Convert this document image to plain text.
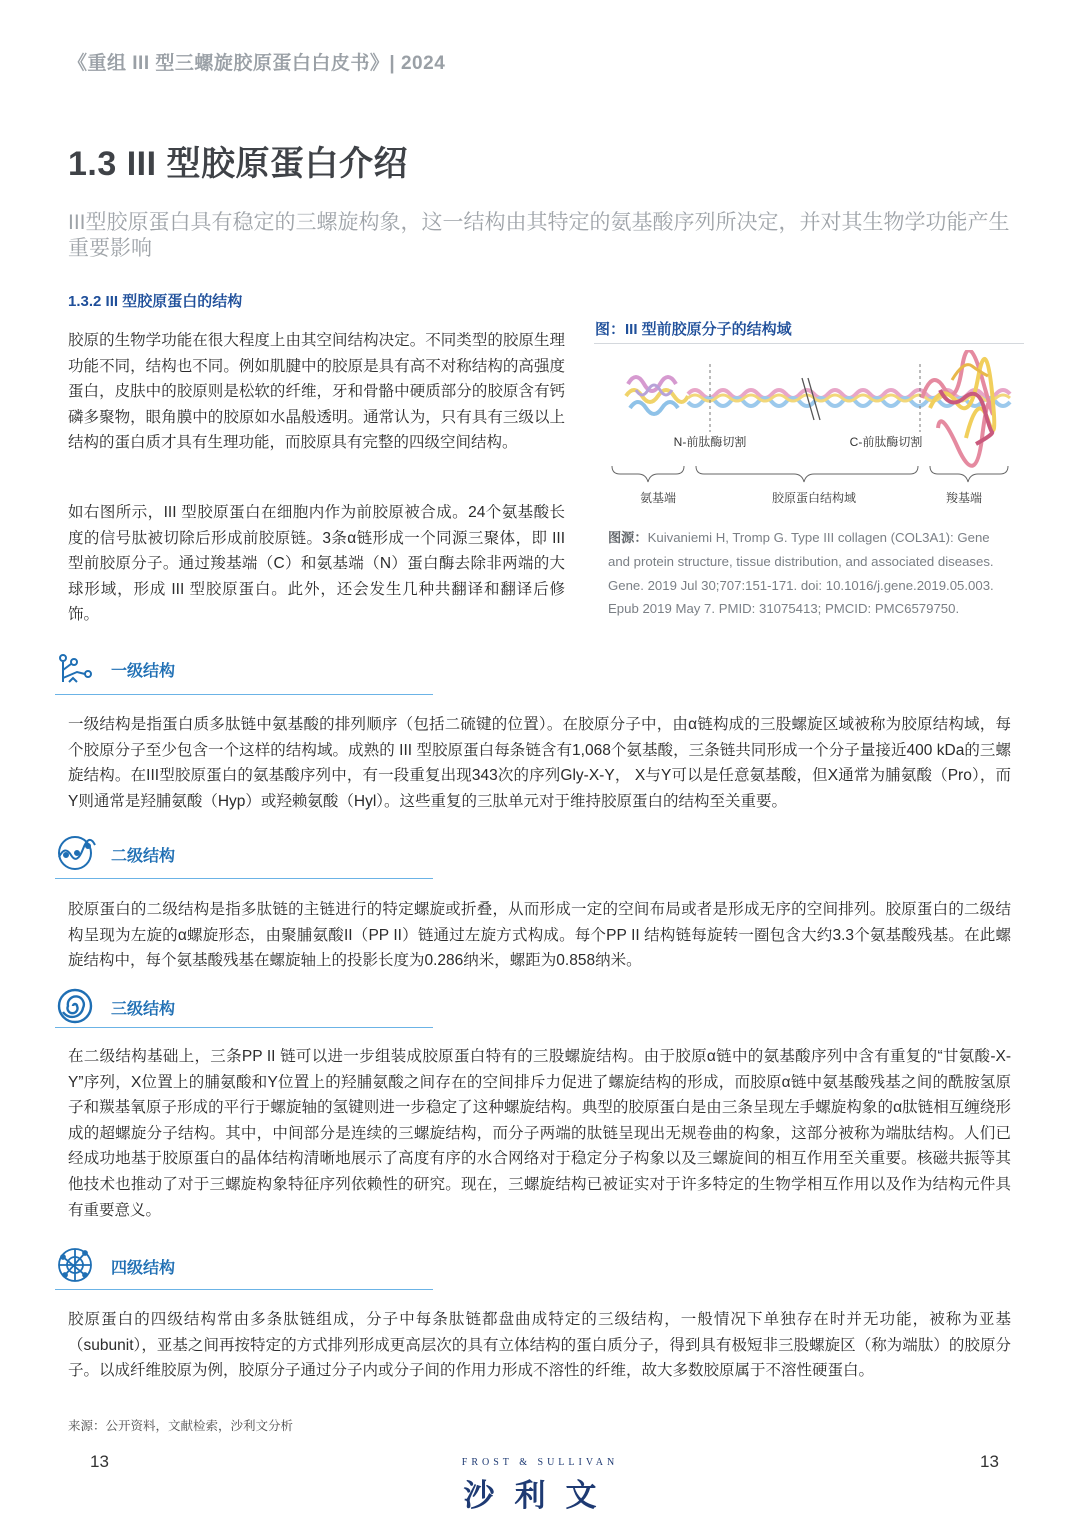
《重组 III 型三螺旋胶原蛋白白皮书》| 2024
1.3 III 型胶原蛋白介绍
III型胶原蛋白具有稳定的三螺旋构象，这一结构由其特定的氨基酸序列所决定，并对其生物学功能产生重要影响
1.3.2 III 型胶原蛋白的结构
胶原的生物学功能在很大程度上由其空间结构决定。不同类型的胶原生理功能不同，结构也不同。例如肌腱中的胶原是具有高不对称结构的高强度蛋白，皮肤中的胶原则是松软的纤维，牙和骨骼中硬质部分的胶原含有钙磷多聚物，眼角膜中的胶原如水晶般透明。通常认为，只有具有三级以上结构的蛋白质才具有生理功能，而胶原具有完整的四级空间结构。
如右图所示，III 型胶原蛋白在细胞内作为前胶原被合成。24个氨基酸长度的信号肽被切除后形成前胶原链。3条α链形成一个同源三聚体，即 III 型前胶原分子。通过羧基端（C）和氨基端（N）蛋白酶去除非两端的大球形域，形成 III 型胶原蛋白。此外，还会发生几种共翻译和翻译后修饰。
图：III 型前胶原分子的结构域
N-前肽酶切割	C-前肽酶切割
氨基端	胶原蛋白结构域	羧基端
图源：Kuivaniemi H, Tromp G. Type III collagen (COL3A1): Gene and protein structure, tissue distribution, and associated diseases. Gene. 2019 Jul 30;707:151-171. doi: 10.1016/j.gene.2019.05.003. Epub 2019 May 7. PMID: 31075413; PMCID: PMC6579750.
一级结构
一级结构是指蛋白质多肽链中氨基酸的排列顺序（包括二硫键的位置）。在胶原分子中，由α链构成的三股螺旋区域被称为胶原结构域，每个胶原分子至少包含一个这样的结构域。成熟的 III 型胶原蛋白每条链含有1,068个氨基酸，三条链共同形成一个分子量接近400 kDa的三螺旋结构。在III型胶原蛋白的氨基酸序列中，有一段重复出现343次的序列Gly-X-Y， X与Y可以是任意氨基酸，但X通常为脯氨酸（Pro），而Y则通常是羟脯氨酸（Hyp）或羟赖氨酸（Hyl）。这些重复的三肽单元对于维持胶原蛋白的结构至关重要。
二级结构
胶原蛋白的二级结构是指多肽链的主链进行的特定螺旋或折叠，从而形成一定的空间布局或者是形成无序的空间排列。胶原蛋白的二级结构呈现为左旋的α螺旋形态，由聚脯氨酸II（PP II）链通过左旋方式构成。每个PP II 结构链每旋转一圈包含大约3.3个氨基酸残基。在此螺旋结构中，每个氨基酸残基在螺旋轴上的投影长度为0.286纳米，螺距为0.858纳米。
三级结构
在二级结构基础上，三条PP II 链可以进一步组装成胶原蛋白特有的三股螺旋结构。由于胶原α链中的氨基酸序列中含有重复的“甘氨酸-X-Y”序列，X位置上的脯氨酸和Y位置上的羟脯氨酸之间存在的空间排斥力促进了螺旋结构的形成，而胶原α链中氨基酸残基之间的酰胺氢原子和羰基氧原子形成的平行于螺旋轴的氢键则进一步稳定了这种螺旋结构。典型的胶原蛋白是由三条呈现左手螺旋构象的α肽链相互缠绕形成的超螺旋分子结构。其中，中间部分是连续的三螺旋结构，而分子两端的肽链呈现出无规卷曲的构象，这部分被称为端肽结构。人们已经成功地基于胶原蛋白的晶体结构清晰地展示了高度有序的水合网络对于稳定分子构象以及三螺旋间的相互作用至关重要。核磁共振等其他技术也推动了对于三螺旋构象特征序列依赖性的研究。现在，三螺旋结构已被证实对于许多特定的生物学相互作用以及作为结构元件具有重要意义。
四级结构
胶原蛋白的四级结构常由多条肽链组成，分子中每条肽链都盘曲成特定的三级结构，一般情况下单独存在时并无功能，被称为亚基（subunit），亚基之间再按特定的方式排列形成更高层次的具有立体结构的蛋白质分子，得到具有极短非三股螺旋区（称为端肽）的胶原分子。以成纤维胶原为例，胶原分子通过分子内或分子间的作用力形成不溶性的纤维，故大多数胶原属于不溶性硬蛋白。
来源：公开资料，文献检索，沙利文分析
13	13
FROST & SULLIVAN
沙利文
